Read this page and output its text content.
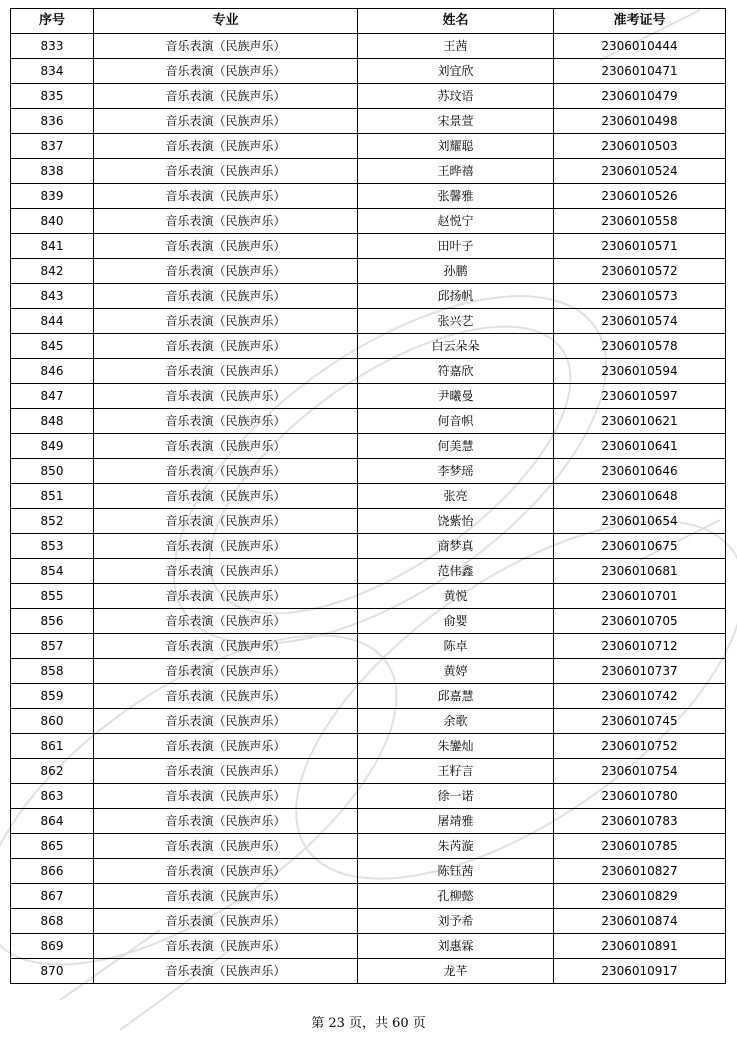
序号	专业	姓名	准考证号
833	音乐表演（民族声乐）	王茜	2306010444
834	音乐表演（民族声乐）	刘宜欣	2306010471
835	音乐表演（民族声乐）	苏玟语	2306010479
836	音乐表演（民族声乐）	宋景萱	2306010498
837	音乐表演（民族声乐）	刘耀聪	2306010503
838	音乐表演（民族声乐）	王晔禧	2306010524
839	音乐表演（民族声乐）	张馨雅	2306010526
840	音乐表演（民族声乐）	赵悦宁	2306010558
841	音乐表演（民族声乐）	田叶子	2306010571
842	音乐表演（民族声乐）	孙鹏	2306010572
843	音乐表演（民族声乐）	邱扬帆	2306010573
844	音乐表演（民族声乐）	张兴艺	2306010574
845	音乐表演（民族声乐）	白云朵朵	2306010578
846	音乐表演（民族声乐）	符嘉欣	2306010594
847	音乐表演（民族声乐）	尹曦曼	2306010597
848	音乐表演（民族声乐）	何音帜	2306010621
849	音乐表演（民族声乐）	何美慧	2306010641
850	音乐表演（民族声乐）	李梦瑶	2306010646
851	音乐表演（民族声乐）	张亮	2306010648
852	音乐表演（民族声乐）	饶紫怡	2306010654
853	音乐表演（民族声乐）	商梦真	2306010675
854	音乐表演（民族声乐）	范伟鑫	2306010681
855	音乐表演（民族声乐）	黄悦	2306010701
856	音乐表演（民族声乐）	俞婴	2306010705
857	音乐表演（民族声乐）	陈卓	2306010712
858	音乐表演（民族声乐）	黄婷	2306010737
859	音乐表演（民族声乐）	邱嘉慧	2306010742
860	音乐表演（民族声乐）	余歌	2306010745
861	音乐表演（民族声乐）	朱鑾灿	2306010752
862	音乐表演（民族声乐）	王籽言	2306010754
863	音乐表演（民族声乐）	徐一诺	2306010780
864	音乐表演（民族声乐）	屠靖雅	2306010783
865	音乐表演（民族声乐）	朱芮漩	2306010785
866	音乐表演（民族声乐）	陈钰茜	2306010827
867	音乐表演（民族声乐）	孔柳懿	2306010829
868	音乐表演（民族声乐）	刘予希	2306010874
869	音乐表演（民族声乐）	刘惠霖	2306010891
870	音乐表演（民族声乐）	龙芊	2306010917
第 23 页，共 60 页
